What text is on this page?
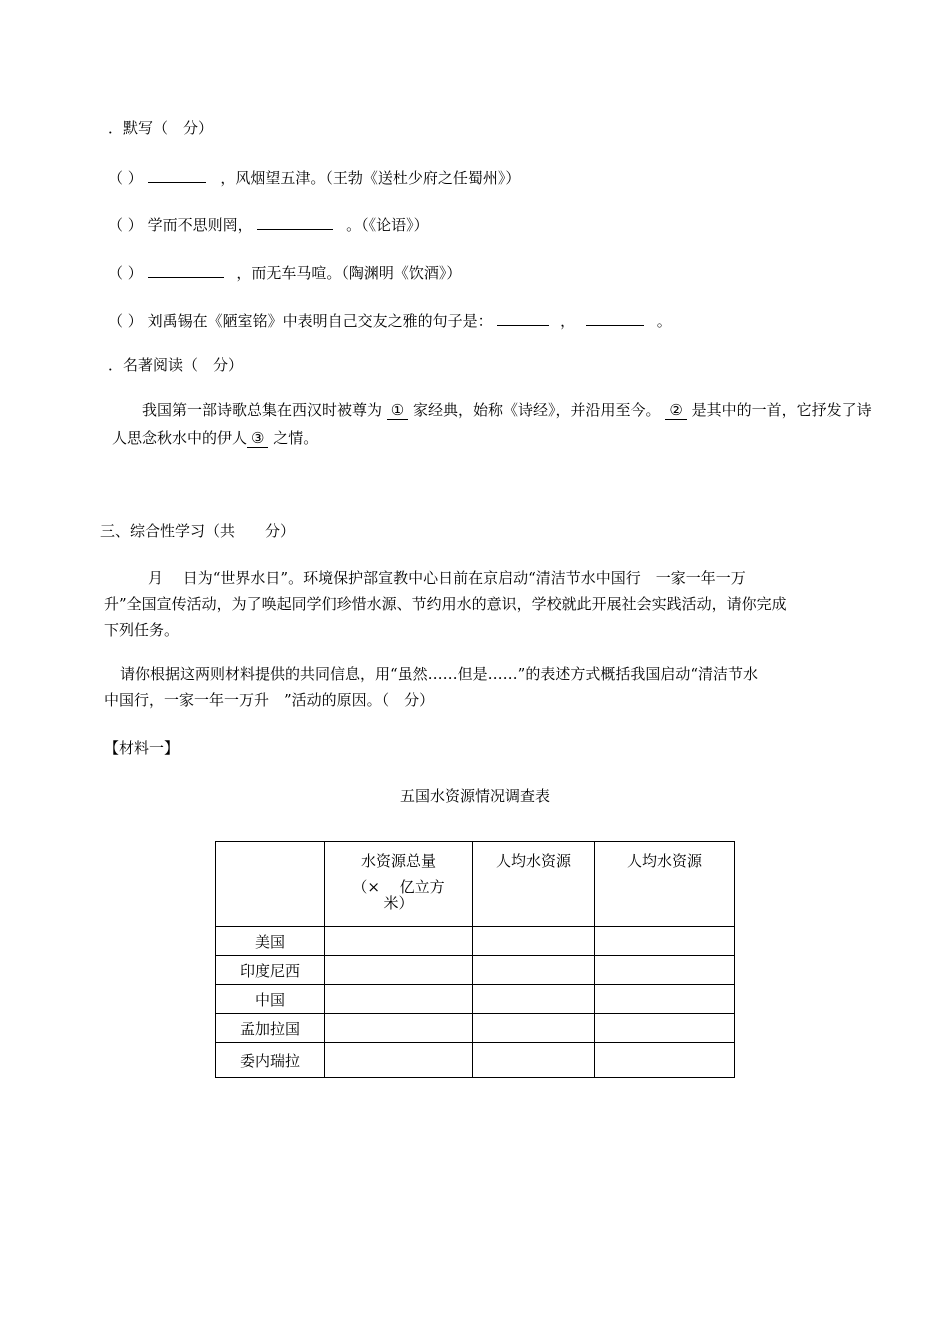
．默写（　分）
（ ）	，风烟望五津。（王勃《送杜少府之任蜀州》）
（ ） 学而不思则罔，	。（《论语》）
（ ）	，而无车马喧。（陶渊明《饮酒》）
（ ） 刘禹锡在《陋室铭》中表明自己交友之雅的句子是：	，	。
．名著阅读（　分）
我国第一部诗歌总集在西汉时被尊为 ① 家经典，始称《诗经》，并沿用至今。 ② 是其中的一首，它抒发了诗人思念秋水中的伊人 ③ 之情。
三、综合性学习（共　　分）
月　 日为“世界水日”。环境保护部宣教中心日前在京启动“清洁节水中国行　一家一年一万
升”全国宣传活动，为了唤起同学们珍惜水源、节约用水的意识，学校就此开展社会实践活动，请你完成
下列任务。
请你根据这两则材料提供的共同信息，用“虽然……但是……”的表述方式概括我国启动“清洁节水
中国行，一家一年一万升　”活动的原因。（　分）
【材料一】
五国水资源情况调查表

	水资源总量
（×　 亿立方
米）	人均水资源	人均水资源

美国			
印度尼西			
中国			
孟加拉国			
委内瑞拉			
